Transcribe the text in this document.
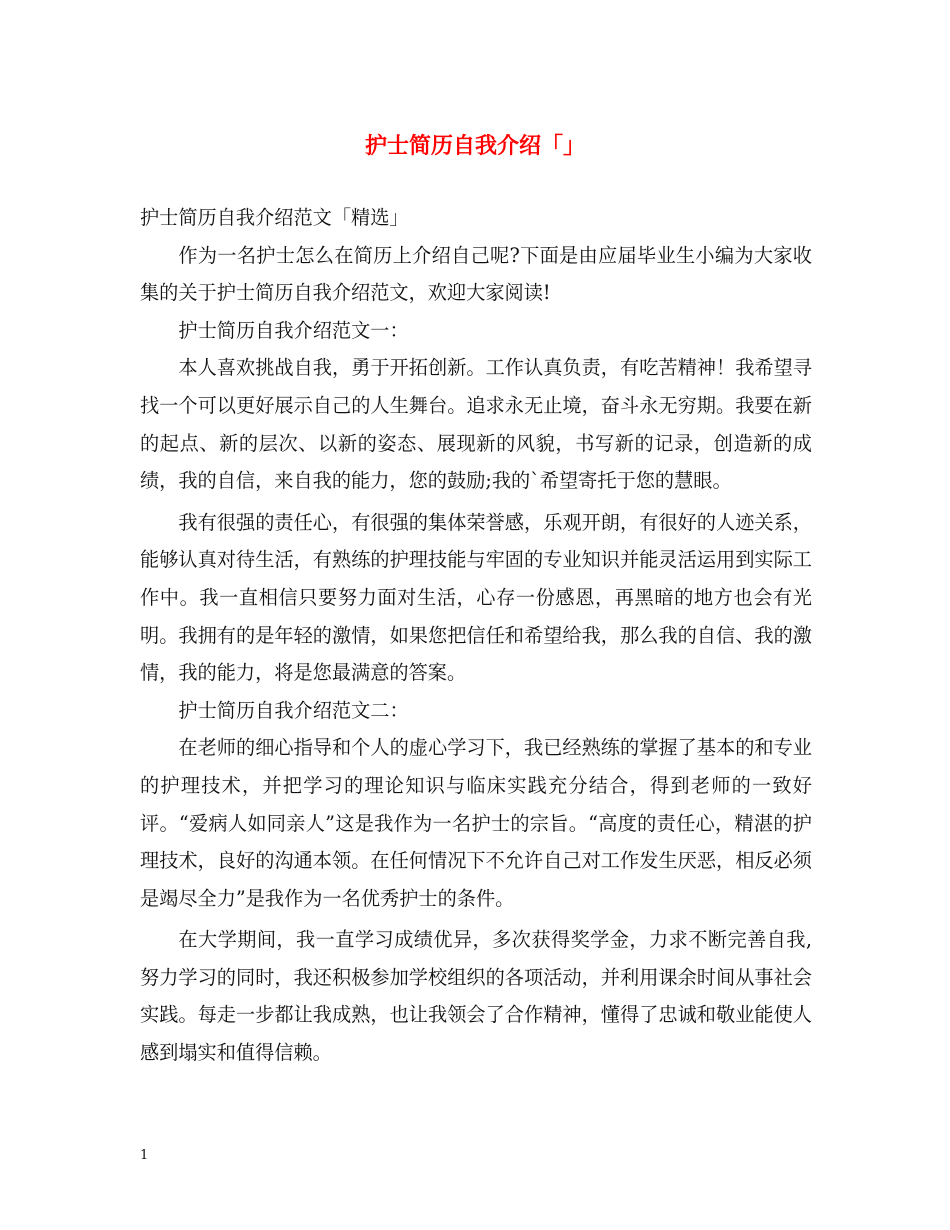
护士简历自我介绍「」

护士简历自我介绍范文「精选」

作为一名护士怎么在简历上介绍自己呢?下面是由应届毕业生小编为大家收集的关于护士简历自我介绍范文，欢迎大家阅读!

护士简历自我介绍范文一：

本人喜欢挑战自我，勇于开拓创新。工作认真负责，有吃苦精神！我希望寻找一个可以更好展示自己的人生舞台。追求永无止境，奋斗永无穷期。我要在新的起点、新的层次、以新的姿态、展现新的风貌，书写新的记录，创造新的成绩，我的自信，来自我的能力，您的鼓励;我的`希望寄托于您的慧眼。

我有很强的责任心，有很强的集体荣誉感，乐观开朗，有很好的人迹关系，能够认真对待生活，有熟练的护理技能与牢固的专业知识并能灵活运用到实际工作中。我一直相信只要努力面对生活，心存一份感恩，再黑暗的地方也会有光明。我拥有的是年轻的激情，如果您把信任和希望给我，那么我的自信、我的激情，我的能力，将是您最满意的答案。

护士简历自我介绍范文二：

在老师的细心指导和个人的虚心学习下，我已经熟练的掌握了基本的和专业的护理技术，并把学习的理论知识与临床实践充分结合，得到老师的一致好评。“爱病人如同亲人”这是我作为一名护士的宗旨。“高度的责任心，精湛的护理技术，良好的沟通本领。在任何情况下不允许自己对工作发生厌恶，相反必须是竭尽全力”是我作为一名优秀护士的条件。

在大学期间，我一直学习成绩优异，多次获得奖学金，力求不断完善自我,努力学习的同时，我还积极参加学校组织的各项活动，并利用课余时间从事社会实践。每走一步都让我成熟，也让我领会了合作精神，懂得了忠诚和敬业能使人感到塌实和值得信赖。

1
